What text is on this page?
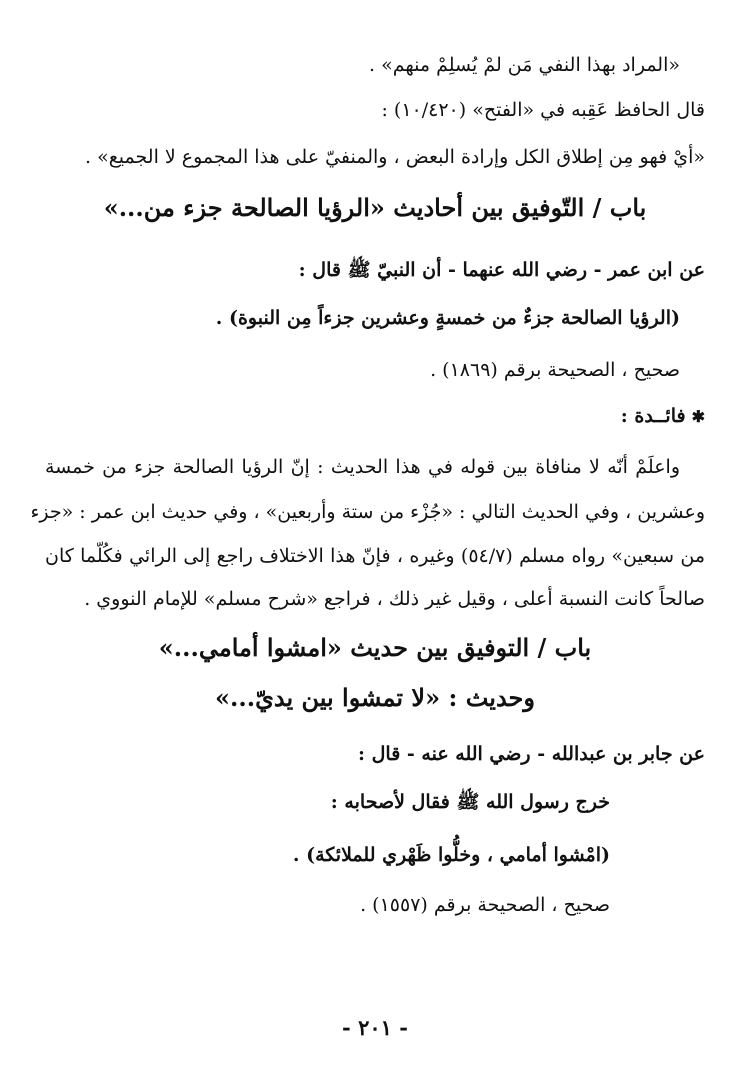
«المراد بهذا النفي مَن لمْ يُسلِمْ منهم» .
قال الحافظ عَقِبه في «الفتح» (١٠/٤٢٠) :
«أيْ فهو مِن إطلاق الكل وإرادة البعض ، والمنفيّ على هذا المجموع لا الجميع» .
باب / التّوفيق بين أحاديث «الرؤيا الصالحة جزء من...»
عن ابن عمر - رضي الله عنهما - أن النبيّ ﷺ قال :
(الرؤيا الصالحة جزءٌ من خمسةٍ وعشرين جزءاً مِن النبوة) .
صحيح ، الصحيحة برقم (١٨٦٩) .
✱فائــدة :
واعلَمْ أنّه لا منافاة بين قوله في هذا الحديث : إنّ الرؤيا الصالحة جزء من خمسة
وعشرين ، وفي الحديث التالي : «جُزْء من ستة وأربعين» ، وفي حديث ابن عمر : «جزء
من سبعين» رواه مسلم (٥٤/٧) وغيره ، فإنّ هذا الاختلاف راجع إلى الرائي فكُلّما كان
صالحاً كانت النسبة أعلى ، وقيل غير ذلك ، فراجع «شرح مسلم» للإمام النووي .
باب / التوفيق بين حديث «امشوا أمامي...»
وحديث : «لا تمشوا بين يديّ...»
عن جابر بن عبدالله - رضي الله عنه - قال :
خرج رسول الله ﷺ فقال لأصحابه :
(امْشوا أمامي ، وخلُّوا ظَهْري للملائكة) .
صحيح ، الصحيحة برقم (١٥٥٧) .
- ٢٠١ -
